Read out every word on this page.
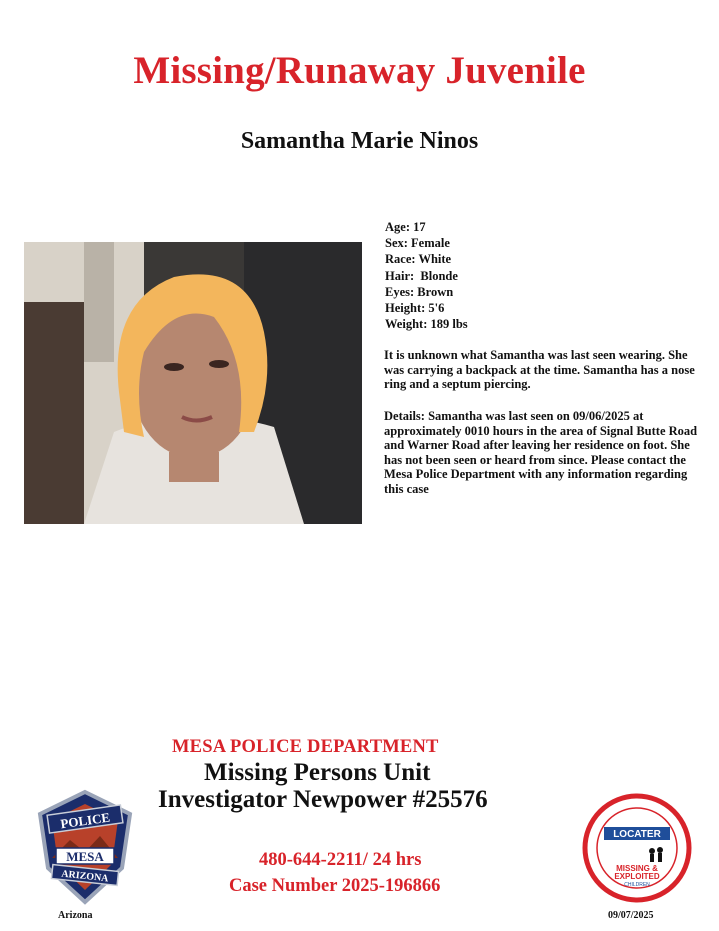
Missing/Runaway Juvenile
Samantha Marie Ninos
Age: 17
Sex: Female
Race: White
Hair: Blonde
Eyes: Brown
Height: 5'6
Weight: 189 lbs
It is unknown what Samantha was last seen wearing. She was carrying a backpack at the time. Samantha has a nose ring and a septum piercing.
Details: Samantha was last seen on 09/06/2025 at approximately 0010 hours in the area of Signal Butte Road and Warner Road after leaving her residence on foot. She has not been seen or heard from since. Please contact the Mesa Police Department with any information regarding this case
MESA POLICE DEPARTMENT
Missing Persons Unit
Investigator Newpower #25576
480-644-2211/ 24 hrs
Case Number 2025-196866
POLICE
MESA
ARIZONA
Arizona
LOCATER
MISSING &
EXPLOITED
CHILDREN
09/07/2025
